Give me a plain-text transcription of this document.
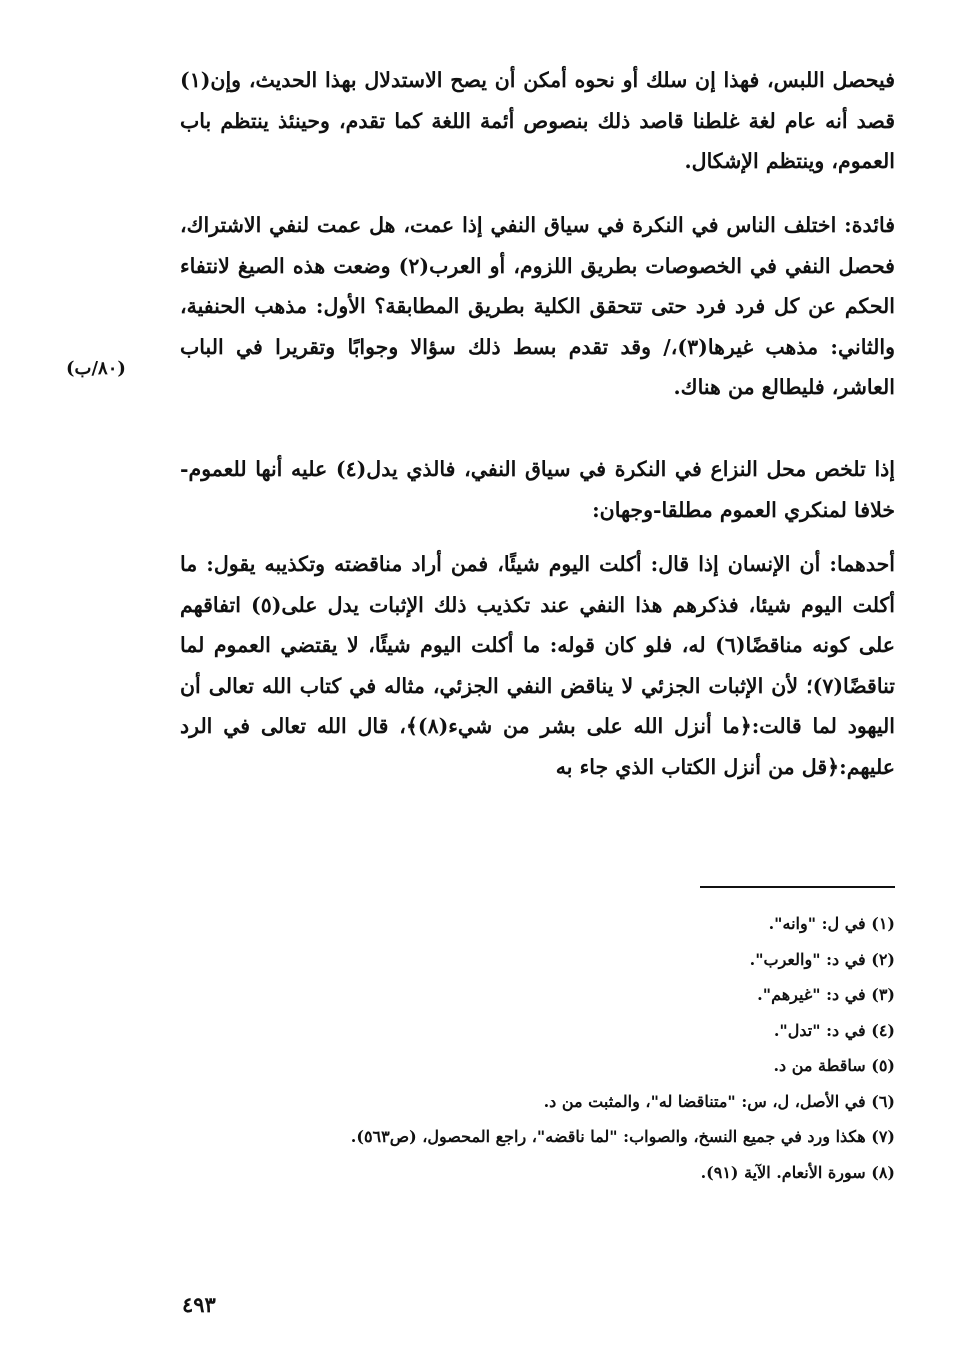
فيحصل اللبس، فهذا إن سلك أو نحوه أمكن أن يصح الاستدلال بهذا الحديث، وإن(١) قصد أنه عام لغة غلطنا قاصد ذلك بنصوص أئمة اللغة كما تقدم، وحينئذ ينتظم باب العموم، وينتظم الإشكال.

فائدة: اختلف الناس في النكرة في سياق النفي إذا عمت، هل عمت لنفي الاشتراك، فحصل النفي في الخصوصات بطريق اللزوم، أو العرب(٢) وضعت هذه الصيغ لانتفاء الحكم عن كل فرد فرد حتى تتحقق الكلية بطريق المطابقة؟ الأول: مذهب الحنفية، والثاني: مذهب غيرها(٣)،/ وقد تقدم بسط ذلك سؤالا وجوابًا وتقريرا في الباب العاشر، فليطالع من هناك.

(٨٠/ب)

إذا تلخص محل النزاع في النكرة في سياق النفي، فالذي يدل(٤) عليه أنها للعموم-خلافا لمنكري العموم مطلقا-وجهان:

أحدهما: أن الإنسان إذا قال: أكلت اليوم شيئًا، فمن أراد مناقضته وتكذيبه يقول: ما أكلت اليوم شيئا، فذكرهم هذا النفي عند تكذيب ذلك الإثبات يدل على(٥) اتفاقهم على كونه مناقضًا(٦) له، فلو كان قوله: ما أكلت اليوم شيئًا، لا يقتضي العموم لما تناقضًا(٧)؛ لأن الإثبات الجزئي لا يناقض النفي الجزئي، مثاله في كتاب الله تعالى أن اليهود لما قالت:﴿ما أنزل الله على بشر من شيء(٨)﴾، قال الله تعالى في الرد عليهم:﴿قل من أنزل الكتاب الذي جاء به

(١) في ل: "وانه".
(٢) في د: "والعرب".
(٣) في د: "غيرهم".
(٤) في د: "تدل".
(٥) ساقطة من د.
(٦) في الأصل، ل، س: "متناقضا له"، والمثبت من د.
(٧) هكذا ورد في جميع النسخ، والصواب: "لما ناقضه"، راجع المحصول، (ص٥٦٣).
(٨) سورة الأنعام. الآية (٩١).
٤٩٣
